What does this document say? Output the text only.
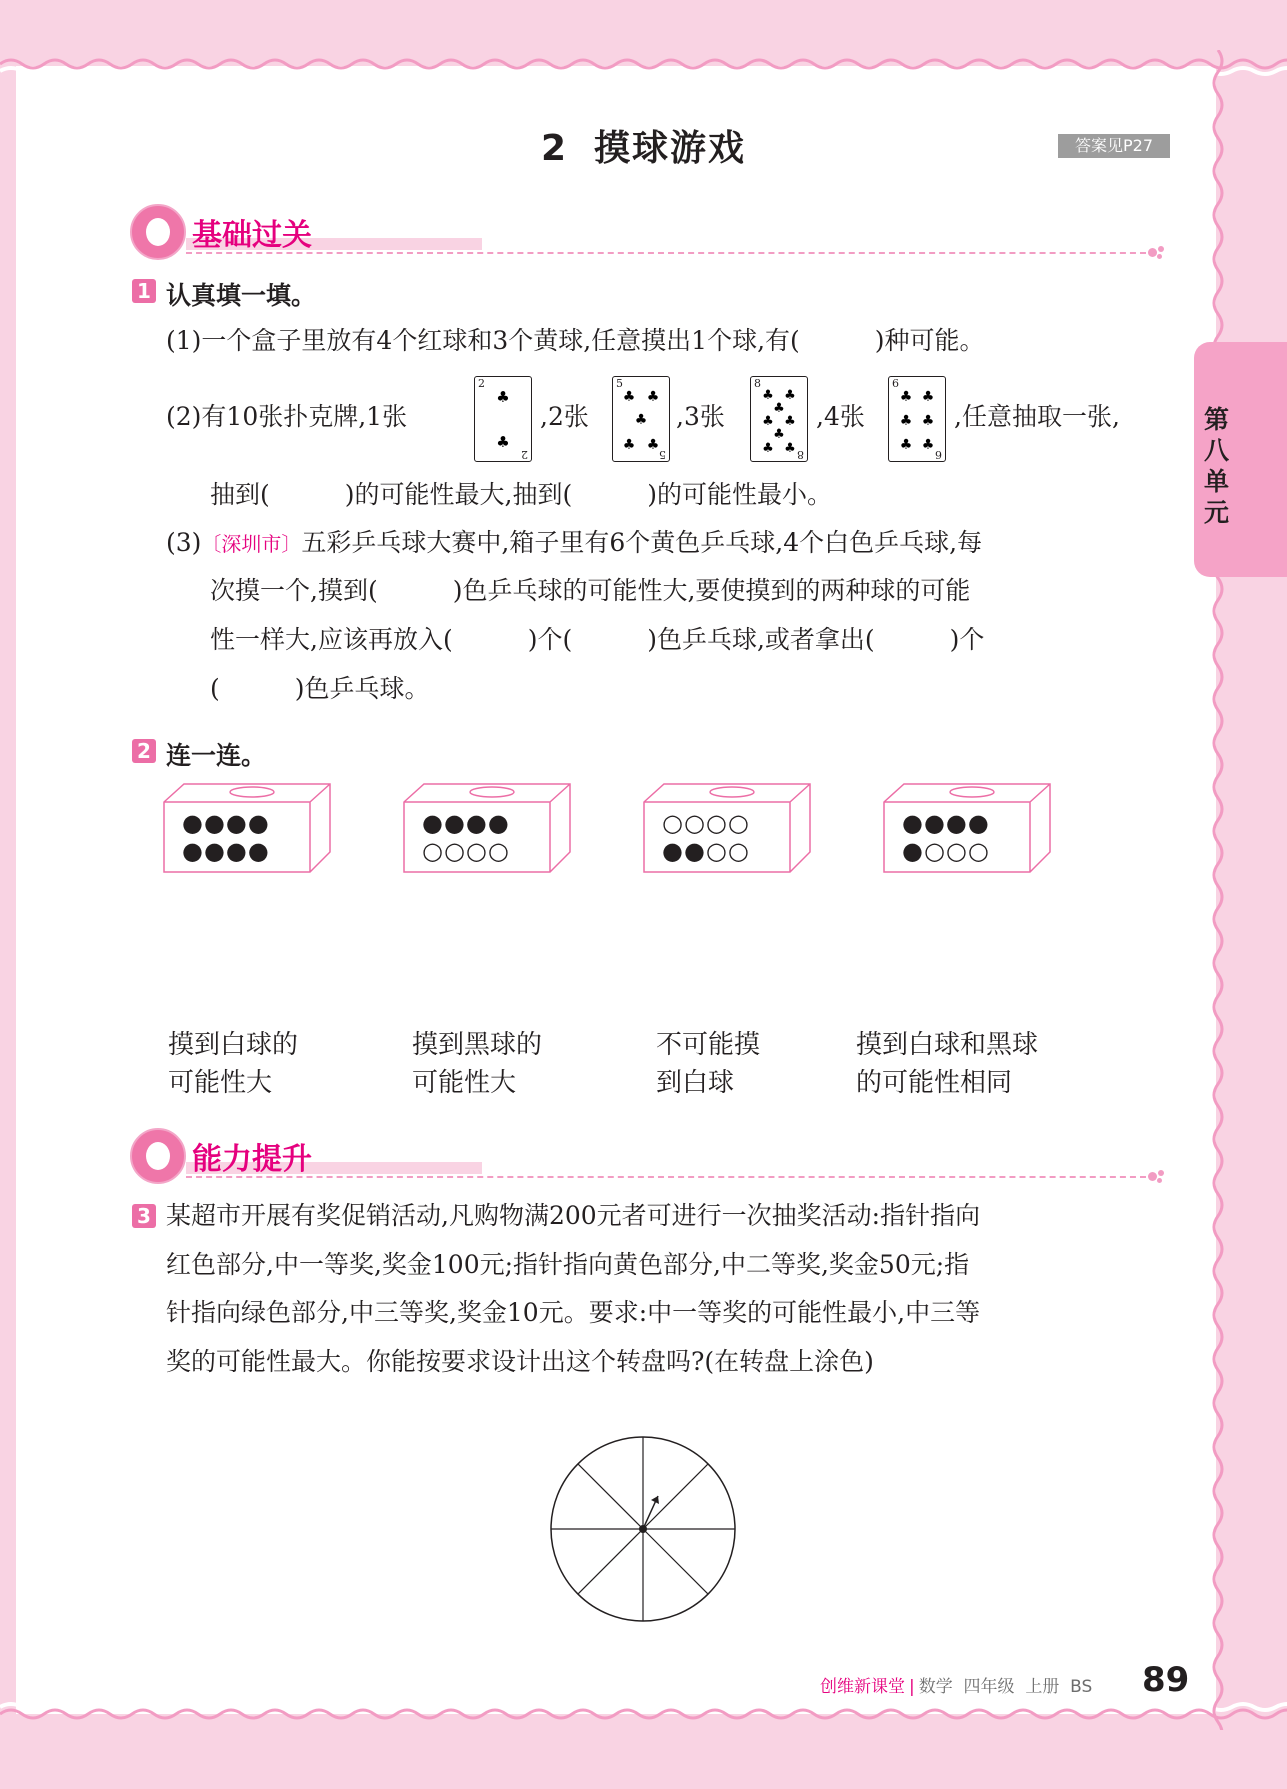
2 摸球游戏	答案见P27
第八单元
基础过关
1 认真填一填。
(1)一个盒子里放有4个红球和3个黄球,任意摸出1个球,有(　　　)种可能。
(2)有10张扑克牌,1张
2
2
♣
♣
,2张
5
5
♣ ♣
♣
♣ ♣
,3张
8
8
♣ ♣
♣
♣ ♣
♣
♣ ♣
,4张
6
6
♣ ♣
♣ ♣
♣ ♣
,任意抽取一张,
抽到(　　　)的可能性最大,抽到(　　　)的可能性最小。
(3)〔深圳市〕五彩乒乓球大赛中,箱子里有6个黄色乒乓球,4个白色乒乓球,每
次摸一个,摸到(　　　)色乒乓球的可能性大,要使摸到的两种球的可能
性一样大,应该再放入(　　　)个(　　　)色乒乓球,或者拿出(　　　)个
(　　　)色乒乓球。
2 连一连。
●●●●
●●●●
●●●●
○○○○
○○○○
●●○○
●●●●
●○○○
摸到白球的
可能性大
摸到黑球的
可能性大
不可能摸
到白球
摸到白球和黑球
的可能性相同
能力提升
3 某超市开展有奖促销活动,凡购物满200元者可进行一次抽奖活动:指针指向
红色部分,中一等奖,奖金100元;指针指向黄色部分,中二等奖,奖金50元;指
针指向绿色部分,中三等奖,奖金10元。要求:中一等奖的可能性最小,中三等
奖的可能性最大。你能按要求设计出这个转盘吗?(在转盘上涂色)
创维新课堂 | 数学 四年级 上册 BS 89
